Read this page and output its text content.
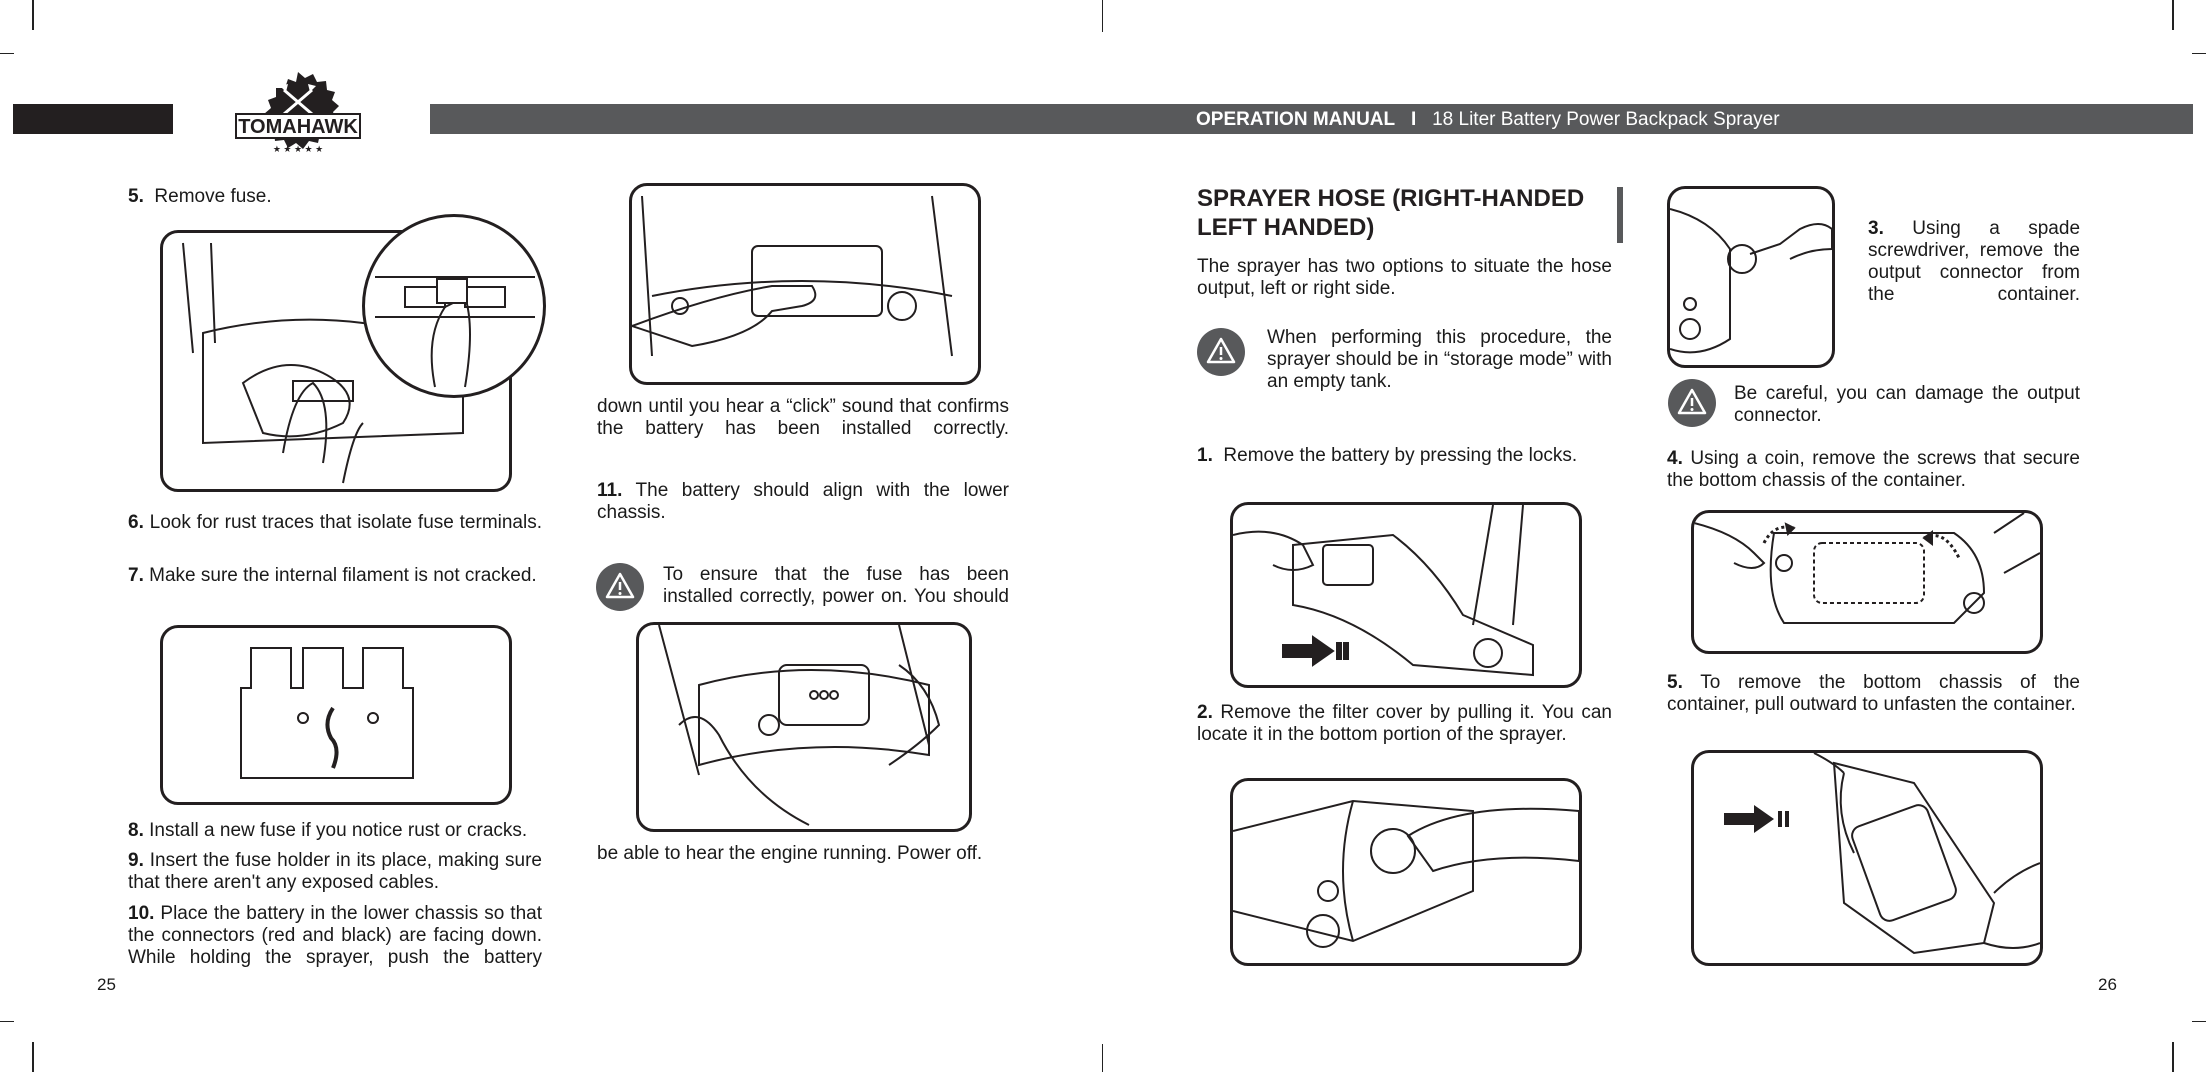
OPERATION MANUAL I 18 Liter Battery Power Backpack Sprayer
TOMAHAWK
★ ★ ★ ★ ★
5. Remove fuse.
6. Look for rust traces that isolate fuse terminals.
7. Make sure the internal filament is not cracked.
8. Install a new fuse if you notice rust or cracks.
9. Insert the fuse holder in its place, making sure that there aren't any exposed cables.
10. Place the battery in the lower chassis so that the connectors (red and black) are facing down. While holding the sprayer, push the battery
25
down until you hear a “click” sound that confirms the battery has been installed correctly.
11. The battery should align with the lower chassis.
To ensure that the fuse has been installed correctly, power on. You should
be able to hear the engine running. Power off.
SPRAYER HOSE (RIGHT-HANDED
LEFT HANDED)
The sprayer has two options to situate the hose output, left or right side.
When performing this procedure, the sprayer should be in “storage mode” with an empty tank.
1. Remove the battery by pressing the locks.
2. Remove the filter cover by pulling it. You can locate it in the bottom portion of the sprayer.
3. Using a spade screwdriver, remove the output connector from the container.
Be careful, you can damage the output connector.
4. Using a coin, remove the screws that secure the bottom chassis of the container.
5. To remove the bottom chassis of the container, pull outward to unfasten the container.
26
